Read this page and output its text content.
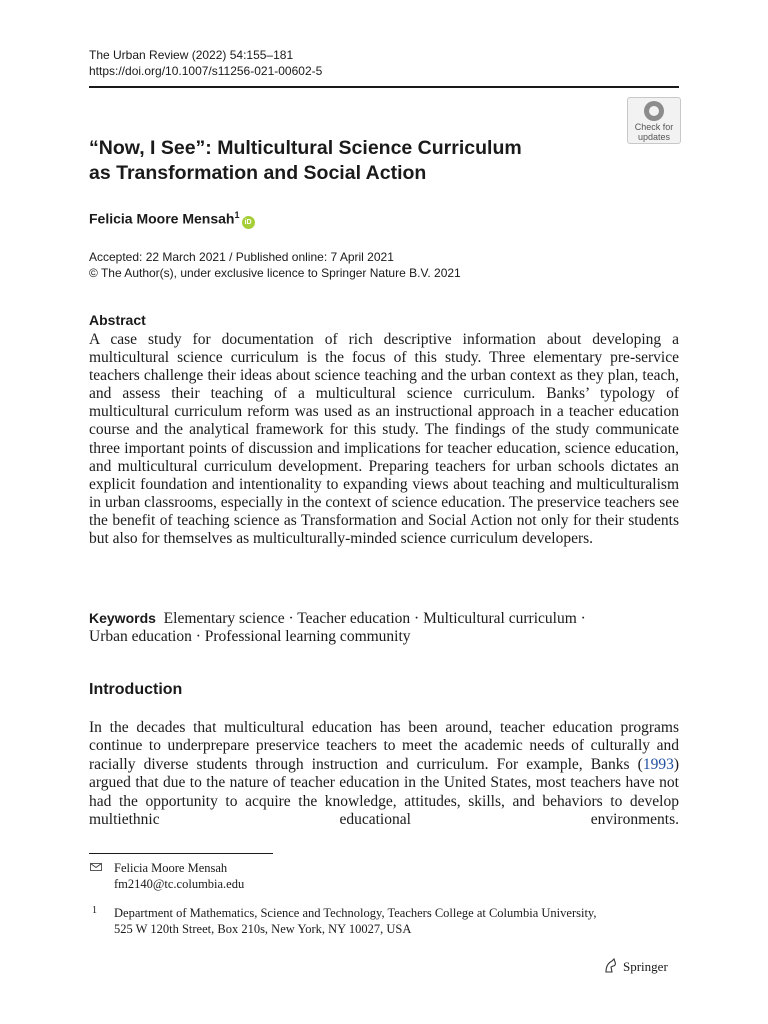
The Urban Review (2022) 54:155–181
https://doi.org/10.1007/s11256-021-00602-5
Check for
updates
“Now, I See”: Multicultural Science Curriculum
as Transformation and Social Action
Felicia Moore Mensah$^1$iD
Accepted: 22 March 2021 / Published online: 7 April 2021
© The Author(s), under exclusive licence to Springer Nature B.V. 2021
Abstract
A case study for documentation of rich descriptive information about developing a multicultural science curriculum is the focus of this study. Three elementary pre-service teachers challenge their ideas about science teaching and the urban context as they plan, teach, and assess their teaching of a multicultural science curriculum. Banks’ typology of multicultural curriculum reform was used as an instructional approach in a teacher education course and the analytical framework for this study. The findings of the study communicate three important points of discussion and implications for teacher education, science education, and multicultural curriculum development. Preparing teachers for urban schools dictates an explicit foundation and intentionality to expanding views about teaching and multiculturalism in urban classrooms, especially in the context of science education. The preservice teachers see the benefit of teaching science as Transformation and Social Action not only for their students but also for themselves as multiculturally-minded science curriculum developers.
Keywords Elementary science · Teacher education · Multicultural curriculum ·
Urban education · Professional learning community
Introduction
In the decades that multicultural education has been around, teacher education programs continue to underprepare preservice teachers to meet the academic needs of culturally and racially diverse students through instruction and curriculum. For example, Banks (1993) argued that due to the nature of teacher education in the United States, most teachers have not had the opportunity to acquire the knowledge, attitudes, skills, and behaviors to develop multiethnic educational environments.
Felicia Moore Mensah
fm2140@tc.columbia.edu
1 Department of Mathematics, Science and Technology, Teachers College at Columbia University,
525 W 120th Street, Box 210s, New York, NY 10027, USA
Springer
